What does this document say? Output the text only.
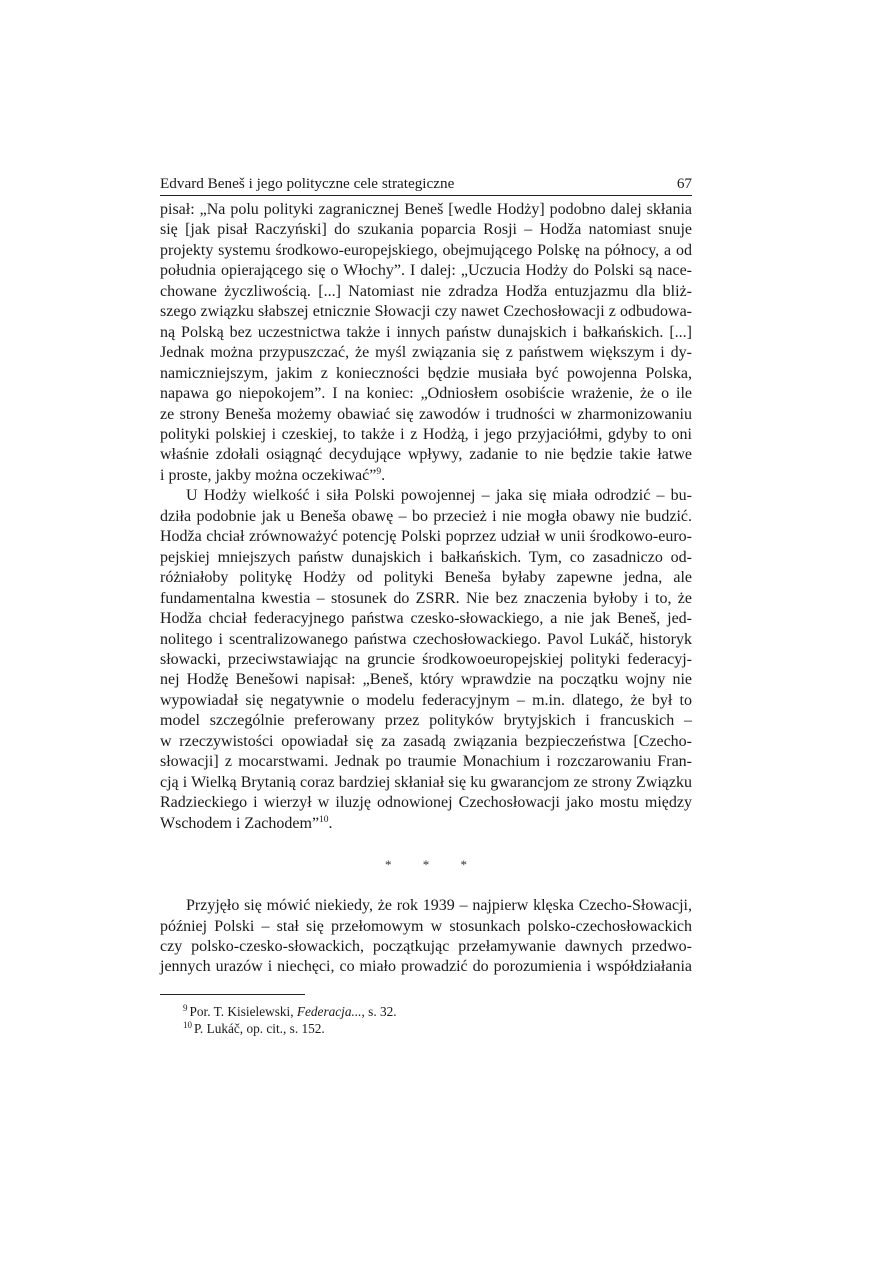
Edvard Beneš i jego polityczne cele strategiczne	67

pisał: „Na polu polityki zagranicznej Beneš [wedle Hodży] podobno dalej skłania
się [jak pisał Raczyński] do szukania poparcia Rosji – Hodža natomiast snuje
projekty systemu środkowo-europejskiego, obejmującego Polskę na północy, a od
południa opierającego się o Włochy”. I dalej: „Uczucia Hodży do Polski są nace-
chowane życzliwością. [...] Natomiast nie zdradza Hodža entuzjazmu dla bliż-
szego związku słabszej etnicznie Słowacji czy nawet Czechosłowacji z odbudowa-
ną Polską bez uczestnictwa także i innych państw dunajskich i bałkańskich. [...]
Jednak można przypuszczać, że myśl związania się z państwem większym i dy-
namiczniejszym, jakim z konieczności będzie musiała być powojenna Polska,
napawa go niepokojem”. I na koniec: „Odniosłem osobiście wrażenie, że o ile
ze strony Beneša możemy obawiać się zawodów i trudności w zharmonizowaniu
polityki polskiej i czeskiej, to także i z Hodżą, i jego przyjaciółmi, gdyby to oni
właśnie zdołali osiągnąć decydujące wpływy, zadanie to nie będzie takie łatwe
i proste, jakby można oczekiwać”$^9$.

U Hodży wielkość i siła Polski powojennej – jaka się miała odrodzić – bu-
dziła podobnie jak u Beneša obawę – bo przecież i nie mogła obawy nie budzić.
Hodža chciał zrównoważyć potencję Polski poprzez udział w unii środkowo-euro-
pejskiej mniejszych państw dunajskich i bałkańskich. Tym, co zasadniczo od-
różniałoby politykę Hodży od polityki Beneša byłaby zapewne jedna, ale
fundamentalna kwestia – stosunek do ZSRR. Nie bez znaczenia byłoby i to, że
Hodža chciał federacyjnego państwa czesko-słowackiego, a nie jak Beneš, jed-
nolitego i scentralizowanego państwa czechosłowackiego. Pavol Lukáč, historyk
słowacki, przeciwstawiając na gruncie środkowoeuropejskiej polityki federacyj-
nej Hodžę Benešowi napisał: „Beneš, który wprawdzie na początku wojny nie
wypowiadał się negatywnie o modelu federacyjnym – m.in. dlatego, że był to
model szczególnie preferowany przez polityków brytyjskich i francuskich –
w rzeczywistości opowiadał się za zasadą związania bezpieczeństwa [Czecho-
słowacji] z mocarstwami. Jednak po traumie Monachium i rozczarowaniu Fran-
cją i Wielką Brytanią coraz bardziej skłaniał się ku gwarancjom ze strony Związku
Radzieckiego i wierzył w iluzję odnowionej Czechosłowacji jako mostu między
Wschodem i Zachodem”$^{10}$.

* * *

Przyjęło się mówić niekiedy, że rok 1939 – najpierw klęska Czecho-Słowacji,
później Polski – stał się przełomowym w stosunkach polsko-czechosłowackich
czy polsko-czesko-słowackich, początkując przełamywanie dawnych przedwo-
jennych urazów i niechęci, co miało prowadzić do porozumienia i współdziałania

$^9$ Por. T. Kisielewski, Federacja..., s. 32.
$^{10}$ P. Lukáč, op. cit., s. 152.
